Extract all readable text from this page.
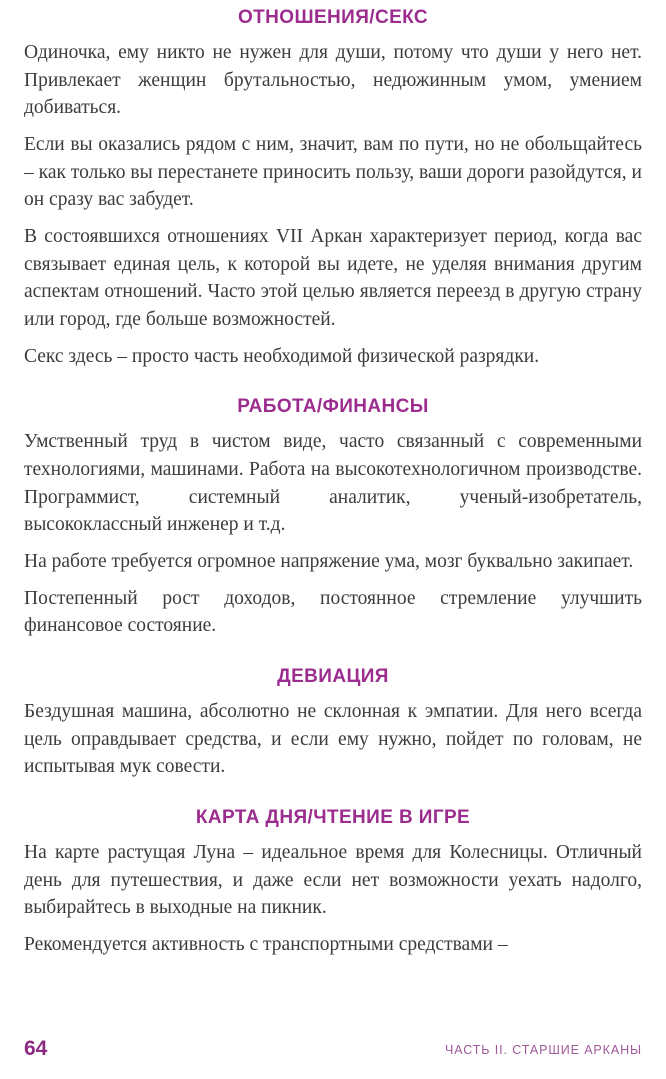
ОТНОШЕНИЯ/СЕКС

Одиночка, ему никто не нужен для души, потому что души у него нет. Привлекает женщин брутальностью, недюжинным умом, умением добиваться.

Если вы оказались рядом с ним, значит, вам по пути, но не обольщайтесь – как только вы перестанете приносить пользу, ваши дороги разойдутся, и он сразу вас забудет.

В состоявшихся отношениях VII Аркан характеризует период, когда вас связывает единая цель, к которой вы идете, не уделяя внимания другим аспектам отношений. Часто этой целью является переезд в другую страну или город, где больше возможностей.

Секс здесь – просто часть необходимой физической разрядки.

РАБОТА/ФИНАНСЫ

Умственный труд в чистом виде, часто связанный с современными технологиями, машинами. Работа на высокотехнологичном производстве. Программист, системный аналитик, ученый-изобретатель, высококлассный инженер и т.д.

На работе требуется огромное напряжение ума, мозг буквально закипает.

Постепенный рост доходов, постоянное стремление улучшить финансовое состояние.

ДЕВИАЦИЯ

Бездушная машина, абсолютно не склонная к эмпатии. Для него всегда цель оправдывает средства, и если ему нужно, пойдет по головам, не испытывая мук совести.

КАРТА ДНЯ/ЧТЕНИЕ В ИГРЕ

На карте растущая Луна – идеальное время для Колесницы. Отличный день для путешествия, и даже если нет возможности уехать надолго, выбирайтесь в выходные на пикник.

Рекомендуется активность с транспортными средствами –

64	ЧАСТЬ II. СТАРШИЕ АРКАНЫ
